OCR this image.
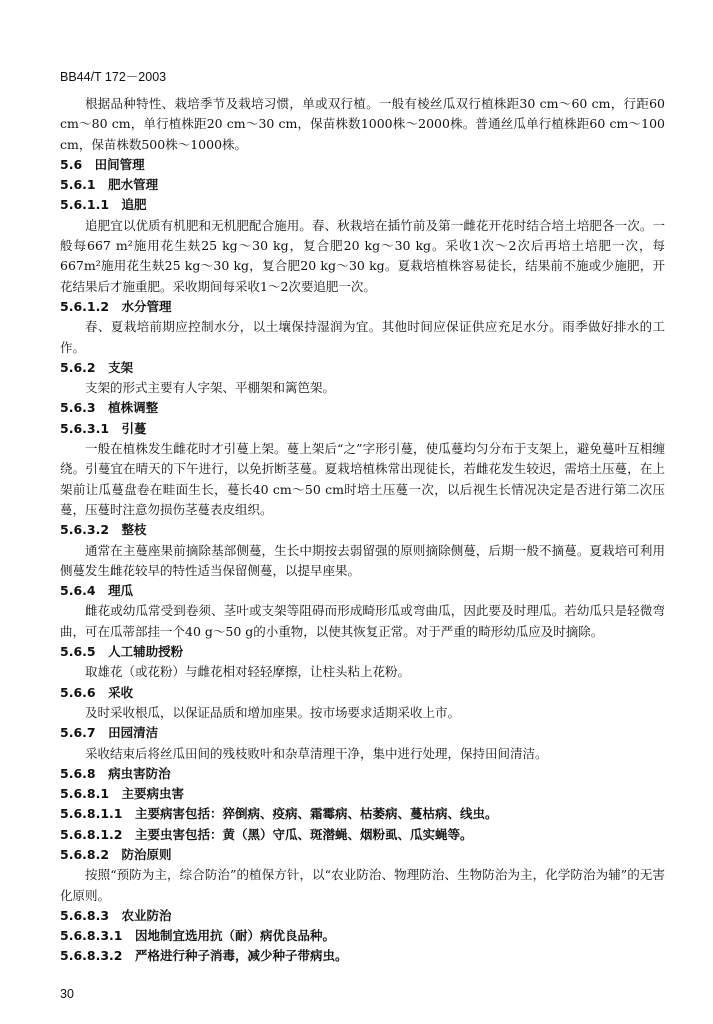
BB44/T 172－2003
根据品种特性、栽培季节及栽培习惯，单或双行植。一般有棱丝瓜双行植株距30 cm～60 cm，行距60 cm～80 cm，单行植株距20 cm～30 cm，保苗株数1000株～2000株。普通丝瓜单行植株距60 cm～100 cm，保苗株数500株～1000株。
5.6　田间管理
5.6.1　肥水管理
5.6.1.1　追肥
追肥宜以优质有机肥和无机肥配合施用。春、秋栽培在插竹前及第一雌花开花时结合培土培肥各一次。一般每667 m²施用花生麸25 kg～30 kg，复合肥20 kg～30 kg。采收1次～2次后再培土培肥一次，每667m²施用花生麸25 kg～30 kg，复合肥20 kg～30 kg。夏栽培植株容易徒长，结果前不施或少施肥，开花结果后才施重肥。采收期间每采收1～2次要追肥一次。
5.6.1.2　水分管理
春、夏栽培前期应控制水分，以土壤保持湿润为宜。其他时间应保证供应充足水分。雨季做好排水的工作。
5.6.2　支架
支架的形式主要有人字架、平棚架和篱笆架。
5.6.3　植株调整
5.6.3.1　引蔓
一般在植株发生雌花时才引蔓上架。蔓上架后“之”字形引蔓，使瓜蔓均匀分布于支架上，避免蔓叶互相缠绕。引蔓宜在晴天的下午进行，以免折断茎蔓。夏栽培植株常出现徒长，若雌花发生较迟，需培土压蔓，在上架前让瓜蔓盘卷在畦面生长，蔓长40 cm～50 cm时培土压蔓一次，以后视生长情况决定是否进行第二次压蔓，压蔓时注意勿损伤茎蔓表皮组织。
5.6.3.2　整枝
通常在主蔓座果前摘除基部侧蔓，生长中期按去弱留强的原则摘除侧蔓，后期一般不摘蔓。夏栽培可利用侧蔓发生雌花较早的特性适当保留侧蔓，以提早座果。
5.6.4　理瓜
雌花或幼瓜常受到卷须、茎叶或支架等阻碍而形成畸形瓜或弯曲瓜，因此要及时理瓜。若幼瓜只是轻微弯曲，可在瓜蒂部挂一个40 g～50 g的小重物，以使其恢复正常。对于严重的畸形幼瓜应及时摘除。
5.6.5　人工辅助授粉
取雄花（或花粉）与雌花相对轻轻摩擦，让柱头粘上花粉。
5.6.6　采收
及时采收根瓜，以保证品质和增加座果。按市场要求适期采收上市。
5.6.7　田园清洁
采收结束后将丝瓜田间的残枝败叶和杂草清理干净，集中进行处理，保持田间清洁。
5.6.8　病虫害防治
5.6.8.1　主要病虫害
5.6.8.1.1　主要病害包括：猝倒病、疫病、霜霉病、枯萎病、蔓枯病、线虫。
5.6.8.1.2　主要虫害包括：黄（黑）守瓜、斑潜蝇、烟粉虱、瓜实蝇等。
5.6.8.2　防治原则
按照“预防为主，综合防治”的植保方针，以“农业防治、物理防治、生物防治为主，化学防治为辅”的无害化原则。
5.6.8.3　农业防治
5.6.8.3.1　因地制宜选用抗（耐）病优良品种。
5.6.8.3.2　严格进行种子消毒，减少种子带病虫。
30
